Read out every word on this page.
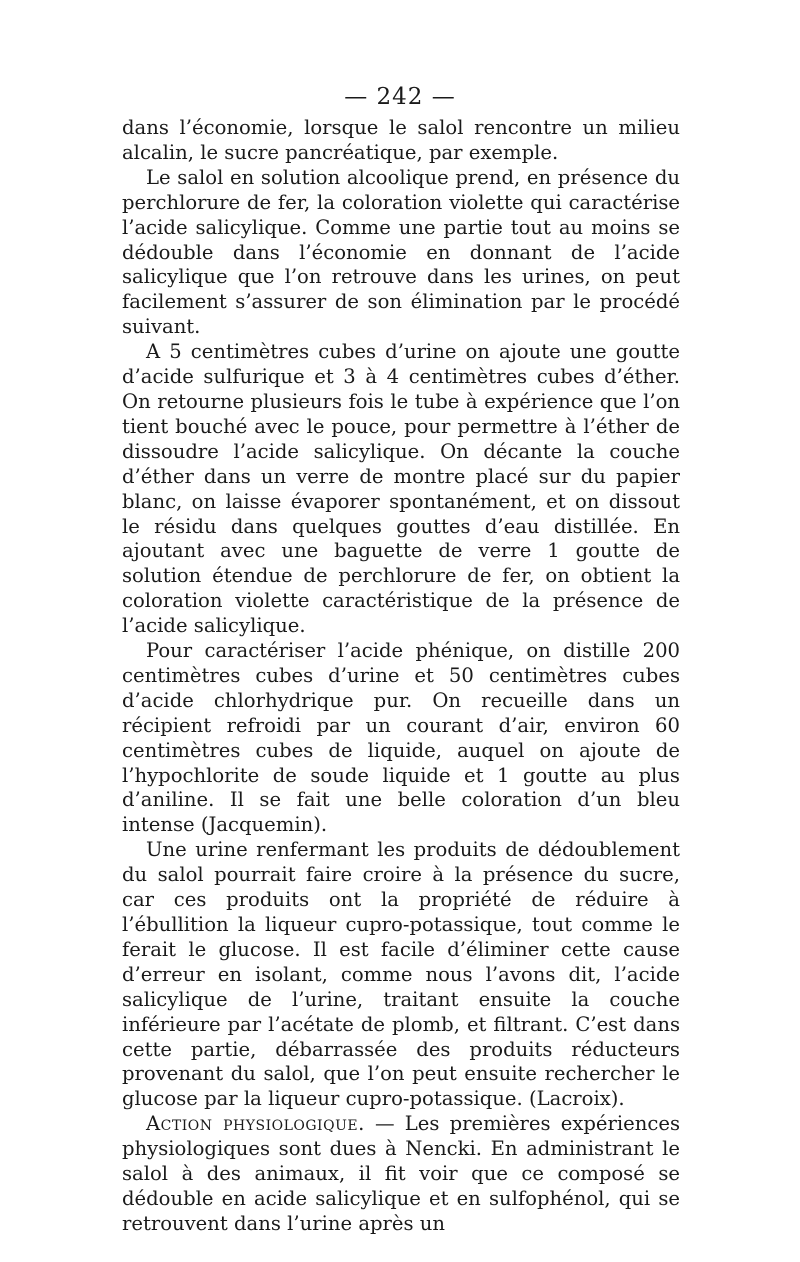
— 242 —

dans l’économie, lorsque le salol rencontre un milieu alcalin, le sucre pancréatique, par exemple.

Le salol en solution alcoolique prend, en présence du perchlorure de fer, la coloration violette qui caractérise l’acide salicylique. Comme une partie tout au moins se dédouble dans l’économie en donnant de l’acide salicylique que l’on retrouve dans les urines, on peut facilement s’assurer de son élimination par le procédé suivant.

A 5 centimètres cubes d’urine on ajoute une goutte d’acide sulfurique et 3 à 4 centimètres cubes d’éther. On retourne plusieurs fois le tube à expérience que l’on tient bouché avec le pouce, pour permettre à l’éther de dissoudre l’acide salicylique. On décante la couche d’éther dans un verre de montre placé sur du papier blanc, on laisse évaporer spontanément, et on dissout le résidu dans quelques gouttes d’eau distillée. En ajoutant avec une baguette de verre 1 goutte de solution étendue de perchlorure de fer, on obtient la coloration violette caractéristique de la présence de l’acide salicylique.

Pour caractériser l’acide phénique, on distille 200 centimètres cubes d’urine et 50 centimètres cubes d’acide chlorhydrique pur. On recueille dans un récipient refroidi par un courant d’air, environ 60 centimètres cubes de liquide, auquel on ajoute de l’hypochlorite de soude liquide et 1 goutte au plus d’aniline. Il se fait une belle coloration d’un bleu intense (Jacquemin).

Une urine renfermant les produits de dédoublement du salol pourrait faire croire à la présence du sucre, car ces produits ont la propriété de réduire à l’ébullition la liqueur cupro-potassique, tout comme le ferait le glucose. Il est facile d’éliminer cette cause d’erreur en isolant, comme nous l’avons dit, l’acide salicylique de l’urine, traitant ensuite la couche inférieure par l’acétate de plomb, et filtrant. C’est dans cette partie, débarrassée des produits réducteurs provenant du salol, que l’on peut ensuite rechercher le glucose par la liqueur cupro-potassique. (Lacroix).

Action physiologique. — Les premières expériences physiologiques sont dues à Nencki. En administrant le salol à des animaux, il fit voir que ce composé se dédouble en acide salicylique et en sulfophénol, qui se retrouvent dans l’urine après un
